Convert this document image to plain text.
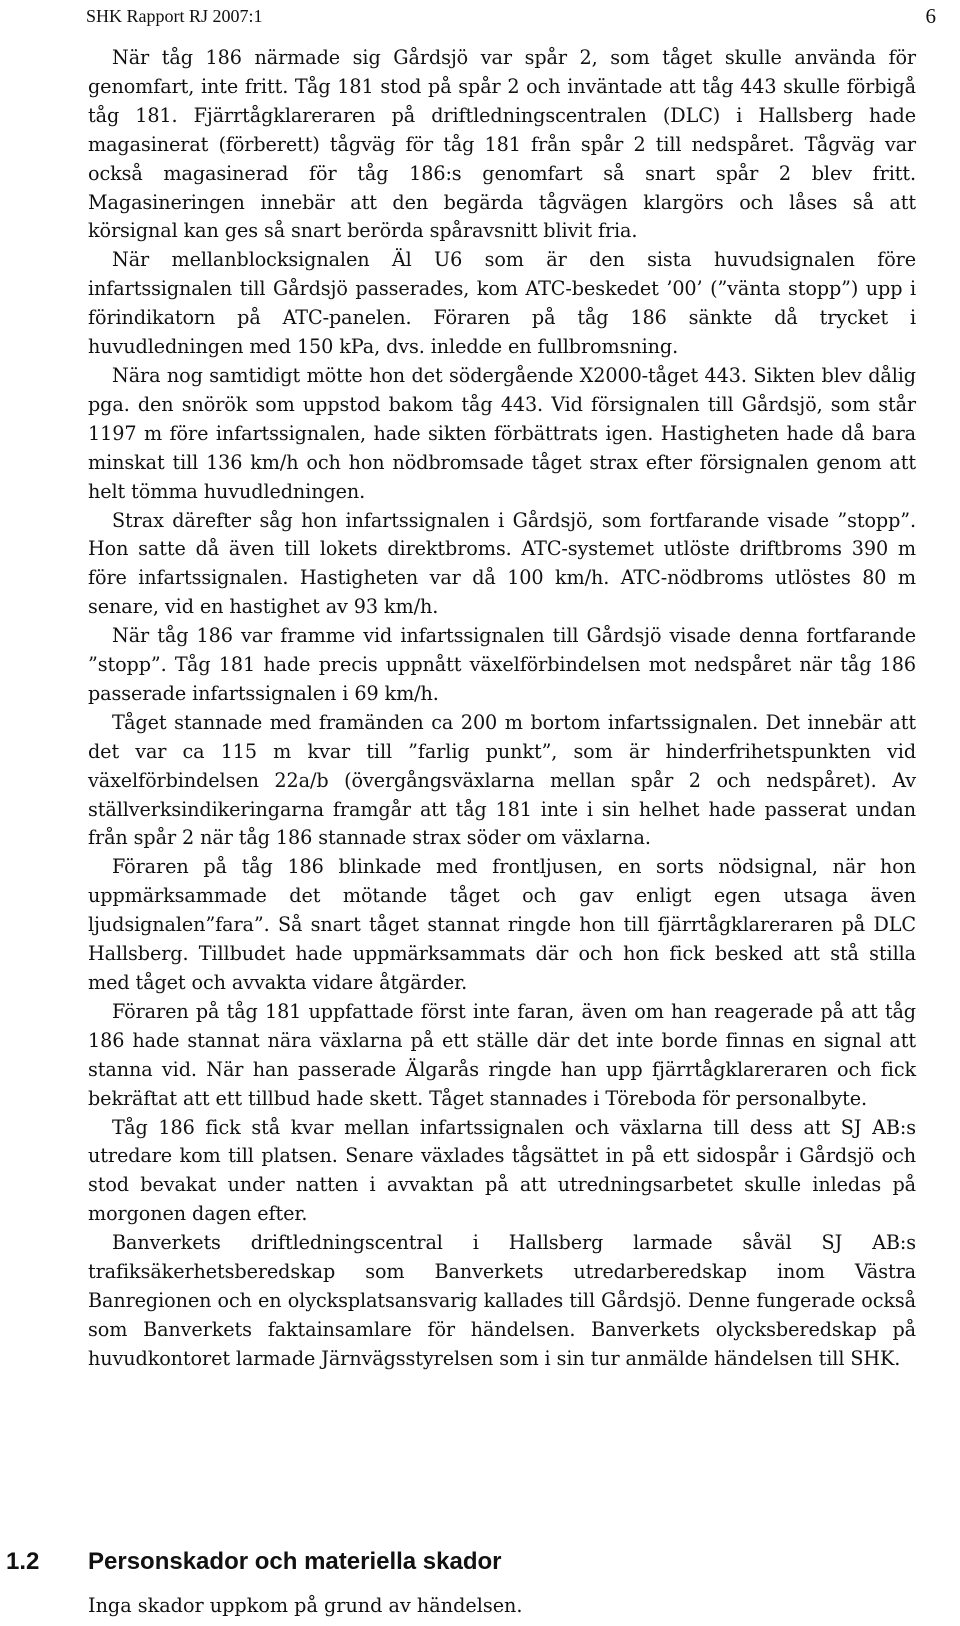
SHK Rapport RJ 2007:1	6

När tåg 186 närmade sig Gårdsjö var spår 2, som tåget skulle använda för genomfart, inte fritt. Tåg 181 stod på spår 2 och inväntade att tåg 443 skulle förbigå tåg 181. Fjärrtågklareraren på driftledningscentralen (DLC) i Hallsberg hade magasinerat (förberett) tågväg för tåg 181 från spår 2 till nedspåret. Tågväg var också magasinerad för tåg 186:s genomfart så snart spår 2 blev fritt. Magasineringen innebär att den begärda tågvägen klargörs och låses så att körsignal kan ges så snart berörda spåravsnitt blivit fria.

När mellanblocksignalen Äl U6 som är den sista huvudsignalen före infartssignalen till Gårdsjö passerades, kom ATC-beskedet ’00’ (”vänta stopp”) upp i förindikatorn på ATC-panelen. Föraren på tåg 186 sänkte då trycket i huvudledningen med 150 kPa, dvs. inledde en fullbromsning.

Nära nog samtidigt mötte hon det södergående X2000-tåget 443. Sikten blev dålig pga. den snörök som uppstod bakom tåg 443. Vid försignalen till Gårdsjö, som står 1197 m före infartssignalen, hade sikten förbättrats igen. Hastigheten hade då bara minskat till 136 km/h och hon nödbromsade tåget strax efter försignalen genom att helt tömma huvudledningen.

Strax därefter såg hon infartssignalen i Gårdsjö, som fortfarande visade ”stopp”. Hon satte då även till lokets direktbroms. ATC-systemet utlöste driftbroms 390 m före infartssignalen. Hastigheten var då 100 km/h. ATC-nödbroms utlöstes 80 m senare, vid en hastighet av 93 km/h.

När tåg 186 var framme vid infartssignalen till Gårdsjö visade denna fortfarande ”stopp”. Tåg 181 hade precis uppnått växelförbindelsen mot nedspåret när tåg 186 passerade infartssignalen i 69 km/h.

Tåget stannade med framänden ca 200 m bortom infartssignalen. Det innebär att det var ca 115 m kvar till ”farlig punkt”, som är hinderfrihetspunkten vid växelförbindelsen 22a/b (övergångsväxlarna mellan spår 2 och nedspåret). Av ställverksindikeringarna framgår att tåg 181 inte i sin helhet hade passerat undan från spår 2 när tåg 186 stannade strax söder om växlarna.

Föraren på tåg 186 blinkade med frontljusen, en sorts nödsignal, när hon uppmärksammade det mötande tåget och gav enligt egen utsaga även ljudsignalen”fara”. Så snart tåget stannat ringde hon till fjärrtågklareraren på DLC Hallsberg. Tillbudet hade uppmärksammats där och hon fick besked att stå stilla med tåget och avvakta vidare åtgärder.

Föraren på tåg 181 uppfattade först inte faran, även om han reagerade på att tåg 186 hade stannat nära växlarna på ett ställe där det inte borde finnas en signal att stanna vid. När han passerade Älgarås ringde han upp fjärrtågklareraren och fick bekräftat att ett tillbud hade skett. Tåget stannades i Töreboda för personalbyte.

Tåg 186 fick stå kvar mellan infartssignalen och växlarna till dess att SJ AB:s utredare kom till platsen. Senare växlades tågsättet in på ett sidospår i Gårdsjö och stod bevakat under natten i avvaktan på att utredningsarbetet skulle inledas på morgonen dagen efter.

Banverkets driftledningscentral i Hallsberg larmade såväl SJ AB:s trafiksäkerhetsberedskap som Banverkets utredarberedskap inom Västra Banregionen och en olycksplatsansvarig kallades till Gårdsjö. Denne fungerade också som Banverkets faktainsamlare för händelsen. Banverkets olycksberedskap på huvudkontoret larmade Järnvägsstyrelsen som i sin tur anmälde händelsen till SHK.

1.2 Personskador och materiella skador
Inga skador uppkom på grund av händelsen.
